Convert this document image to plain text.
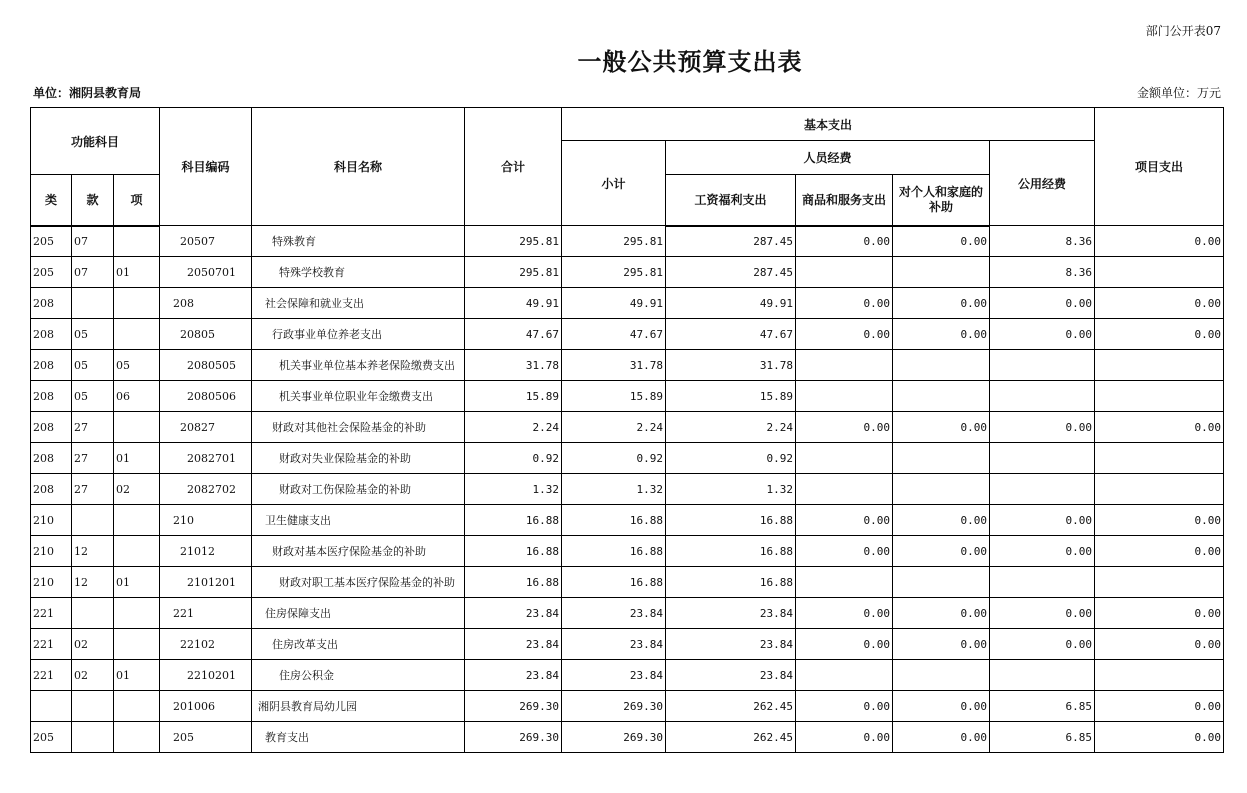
部门公开表07
一般公共预算支出表
单位：湘阴县教育局	金额单位：万元
功能科目			科目编码	科目名称	合计	基本支出					项目支出
						小计	人员经费			公用经费	
类	款	项					工资福利支出	商品和服务支出	对个人和家庭的补助		
205	07		20507	特殊教育	295.81	295.81	287.45	0.00	0.00	8.36	0.00
205	07	01	2050701	特殊学校教育	295.81	295.81	287.45			8.36	
208			208	社会保障和就业支出	49.91	49.91	49.91	0.00	0.00	0.00	0.00
208	05		20805	行政事业单位养老支出	47.67	47.67	47.67	0.00	0.00	0.00	0.00
208	05	05	2080505	机关事业单位基本养老保险缴费支出	31.78	31.78	31.78				
208	05	06	2080506	机关事业单位职业年金缴费支出	15.89	15.89	15.89				
208	27		20827	财政对其他社会保险基金的补助	2.24	2.24	2.24	0.00	0.00	0.00	0.00
208	27	01	2082701	财政对失业保险基金的补助	0.92	0.92	0.92				
208	27	02	2082702	财政对工伤保险基金的补助	1.32	1.32	1.32				
210			210	卫生健康支出	16.88	16.88	16.88	0.00	0.00	0.00	0.00
210	12		21012	财政对基本医疗保险基金的补助	16.88	16.88	16.88	0.00	0.00	0.00	0.00
210	12	01	2101201	财政对职工基本医疗保险基金的补助	16.88	16.88	16.88				
221			221	住房保障支出	23.84	23.84	23.84	0.00	0.00	0.00	0.00
221	02		22102	住房改革支出	23.84	23.84	23.84	0.00	0.00	0.00	0.00
221	02	01	2210201	住房公积金	23.84	23.84	23.84				
			201006	湘阴县教育局幼儿园	269.30	269.30	262.45	0.00	0.00	6.85	0.00
205			205	教育支出	269.30	269.30	262.45	0.00	0.00	6.85	0.00
